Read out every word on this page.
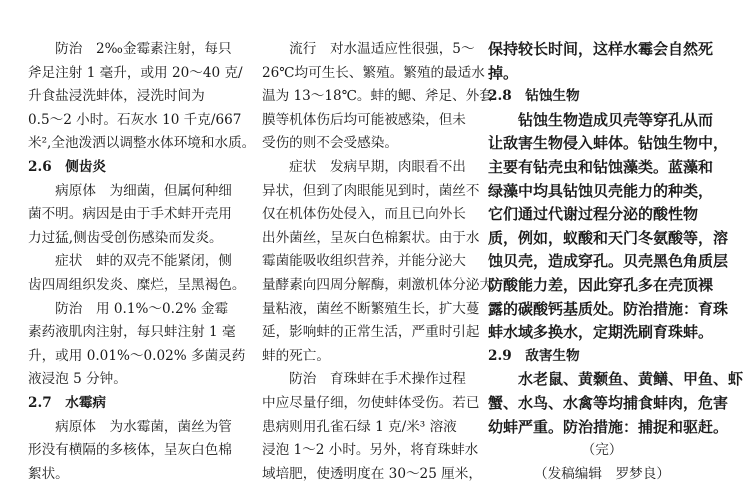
　　防治　2‰金霉素注射，每只
斧足注射 1 毫升，或用 20～40 克/
升食盐浸洗蚌体，浸洗时间为
0.5～2 小时。石灰水 10 千克/667
米²,全池泼洒以调整水体环境和水质。
2.6　侧齿炎
　　病原体　为细菌，但属何种细
菌不明。病因是由于手术蚌开壳用
力过猛,侧齿受创伤感染而发炎。
　　症状　蚌的双壳不能紧闭，侧
齿四周组织发炎、糜烂，呈黑褐色。
　　防治　用 0.1%～0.2% 金霉
素药液肌肉注射，每只蚌注射 1 毫
升，或用 0.01%～0.02% 多菌灵药
液浸泡 5 分钟。
2.7　水霉病
　　病原体　为水霉菌，菌丝为管
形没有横隔的多核体，呈灰白色棉
絮状。
　　流行　对水温适应性很强，5～
26℃均可生长、繁殖。繁殖的最适水
温为 13～18℃。蚌的鳃、斧足、外套
膜等机体伤后均可能被感染，但未
受伤的则不会受感染。
　　症状　发病早期，肉眼看不出
异状，但到了肉眼能见到时，菌丝不
仅在机体伤处侵入，而且已向外长
出外菌丝，呈灰白色棉絮状。由于水
霉菌能吸收组织营养，并能分泌大
量酵素向四周分解酶，刺激机体分泌大
量粘液，菌丝不断繁殖生长，扩大蔓
延，影响蚌的正常生活，严重时引起
蚌的死亡。
　　防治　育珠蚌在手术操作过程
中应尽量仔细，勿使蚌体受伤。若已
患病则用孔雀石绿 1 克/米³ 溶液
浸泡 1～2 小时。另外，将育珠蚌水
域培肥，使透明度在 30～25 厘米，
保持较长时间，这样水霉会自然死
掉。
2.8　钻蚀生物
　　钻蚀生物造成贝壳等穿孔从而
让敌害生物侵入蚌体。钻蚀生物中，
主要有钻壳虫和钻蚀藻类。蓝藻和
绿藻中均具钻蚀贝壳能力的种类，
它们通过代谢过程分泌的酸性物
质，例如，蚁酸和天门冬氨酸等，溶
蚀贝壳，造成穿孔。贝壳黑色角质层
防酸能力差，因此穿孔多在壳顶裸
露的碳酸钙基质处。防治措施：育珠
蚌水域多换水，定期洗刷育珠蚌。
2.9　敌害生物
　　水老鼠、黄颡鱼、黄鳝、甲鱼、虾
蟹、水鸟、水禽等均捕食蚌肉，危害
幼蚌严重。防治措施：捕捉和驱赶。
（完）
（发稿编辑　罗梦良）
